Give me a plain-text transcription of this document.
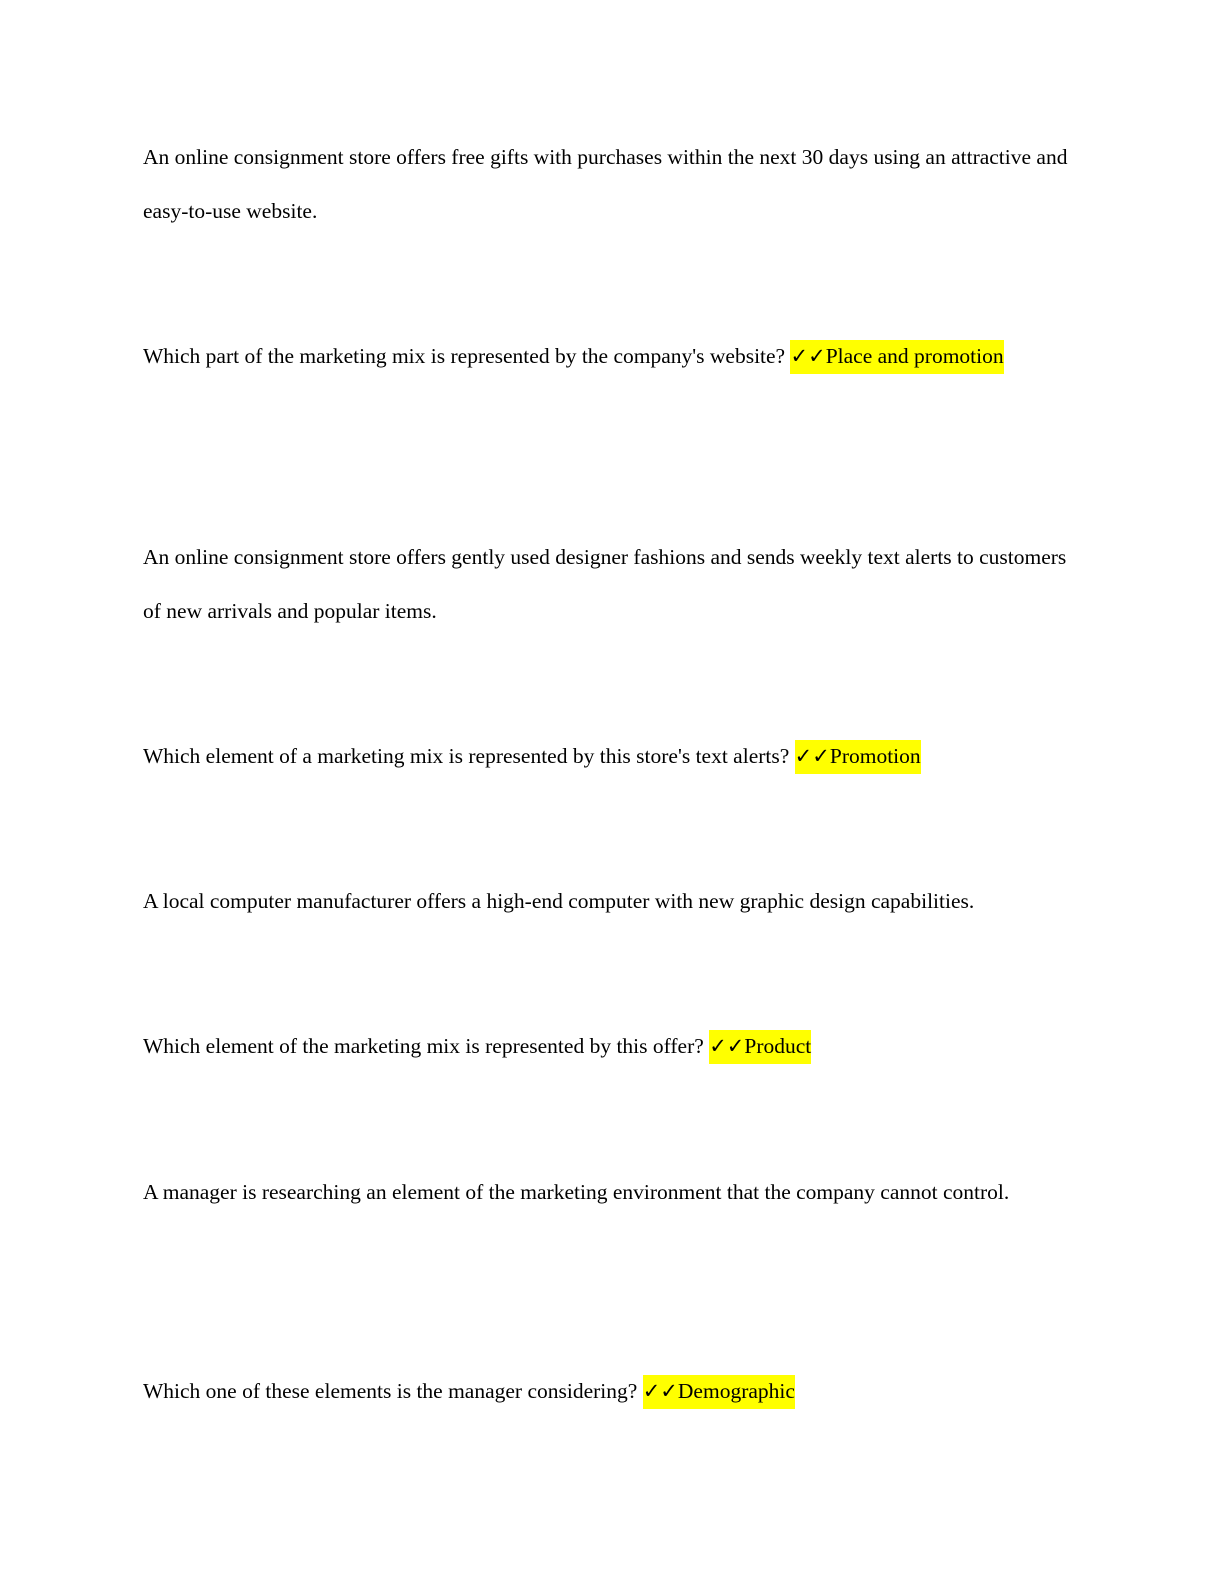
An online consignment store offers free gifts with purchases within the next 30 days using an attractive and easy-to-use website.

Which part of the marketing mix is represented by the company's website? ✓✓Place and promotion

An online consignment store offers gently used designer fashions and sends weekly text alerts to customers of new arrivals and popular items.

Which element of a marketing mix is represented by this store's text alerts? ✓✓Promotion

A local computer manufacturer offers a high-end computer with new graphic design capabilities.

Which element of the marketing mix is represented by this offer? ✓✓Product

A manager is researching an element of the marketing environment that the company cannot control.

Which one of these elements is the manager considering? ✓✓Demographic
